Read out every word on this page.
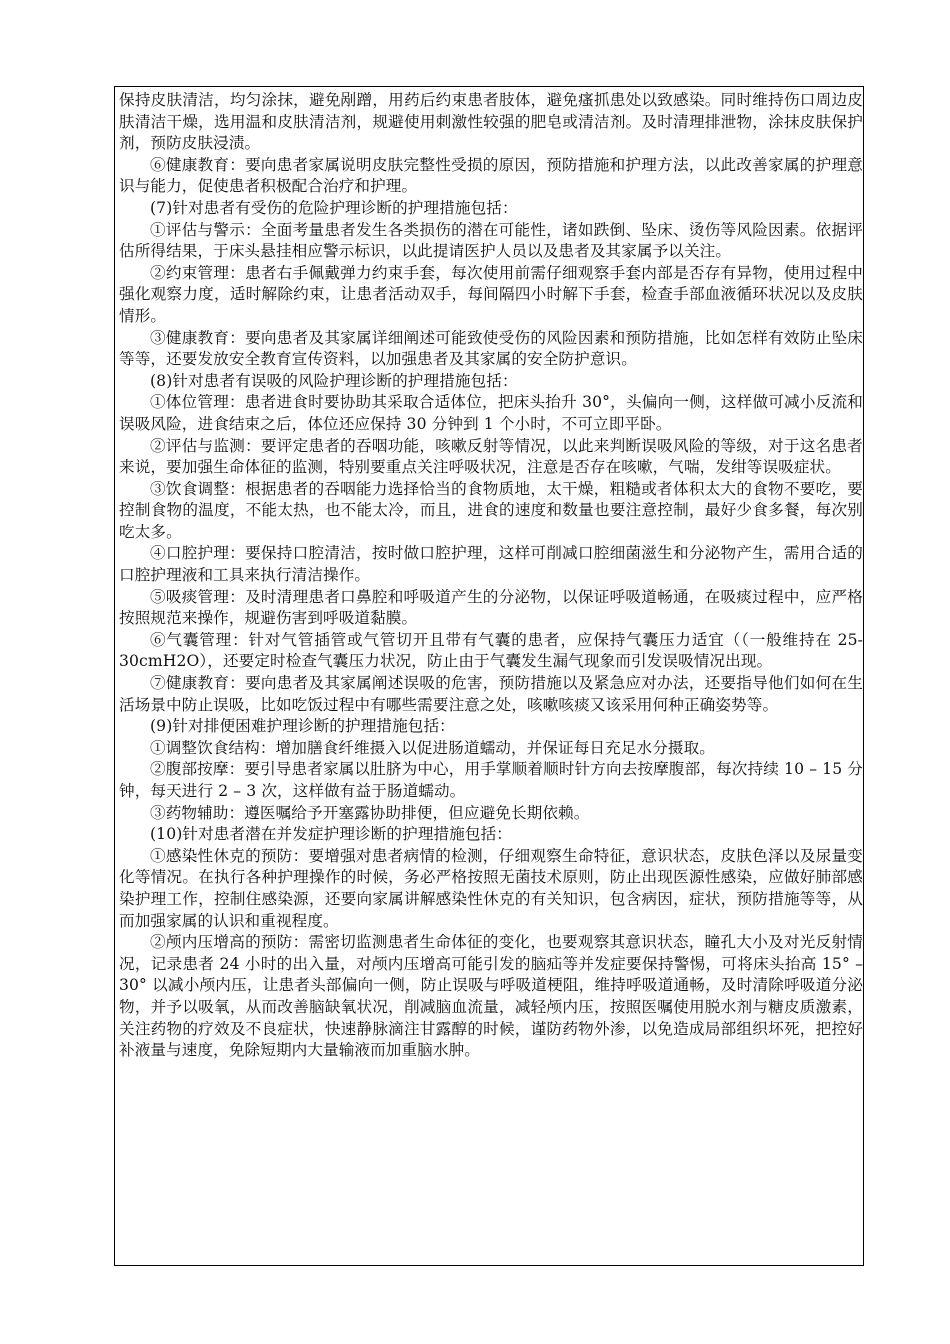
保持皮肤清洁，均匀涂抹，避免剐蹭，用药后约束患者肢体，避免瘙抓患处以致感染。同时维持伤口周边皮肤清洁干燥，选用温和皮肤清洁剂，规避使用刺激性较强的肥皂或清洁剂。及时清理排泄物，涂抹皮肤保护剂，预防皮肤浸渍。

⑥健康教育：要向患者家属说明皮肤完整性受损的原因，预防措施和护理方法，以此改善家属的护理意识与能力，促使患者积极配合治疗和护理。

(7)针对患者有受伤的危险护理诊断的护理措施包括：

①评估与警示：全面考量患者发生各类损伤的潜在可能性，诸如跌倒、坠床、烫伤等风险因素。依据评估所得结果，于床头悬挂相应警示标识，以此提请医护人员以及患者及其家属予以关注。

②约束管理：患者右手佩戴弹力约束手套，每次使用前需仔细观察手套内部是否存有异物，使用过程中强化观察力度，适时解除约束，让患者活动双手，每间隔四小时解下手套，检查手部血液循环状况以及皮肤情形。

③健康教育：要向患者及其家属详细阐述可能致使受伤的风险因素和预防措施，比如怎样有效防止坠床等等，还要发放安全教育宣传资料，以加强患者及其家属的安全防护意识。

(8)针对患者有误吸的风险护理诊断的护理措施包括：

①体位管理：患者进食时要协助其采取合适体位，把床头抬升 30°，头偏向一侧，这样做可减小反流和误吸风险，进食结束之后，体位还应保持 30 分钟到 1 个小时，不可立即平卧。

②评估与监测：要评定患者的吞咽功能，咳嗽反射等情况，以此来判断误吸风险的等级，对于这名患者来说，要加强生命体征的监测，特别要重点关注呼吸状况，注意是否存在咳嗽，气喘，发绀等误吸症状。

③饮食调整：根据患者的吞咽能力选择恰当的食物质地，太干燥，粗糙或者体积太大的食物不要吃，要控制食物的温度，不能太热，也不能太冷，而且，进食的速度和数量也要注意控制，最好少食多餐，每次别吃太多。

④口腔护理：要保持口腔清洁，按时做口腔护理，这样可削减口腔细菌滋生和分泌物产生，需用合适的口腔护理液和工具来执行清洁操作。

⑤吸痰管理：及时清理患者口鼻腔和呼吸道产生的分泌物，以保证呼吸道畅通，在吸痰过程中，应严格按照规范来操作，规避伤害到呼吸道黏膜。

⑥气囊管理：针对气管插管或气管切开且带有气囊的患者，应保持气囊压力适宜（（一般维持在 25-30cmH2O），还要定时检查气囊压力状况，防止由于气囊发生漏气现象而引发误吸情况出现。

⑦健康教育：要向患者及其家属阐述误吸的危害，预防措施以及紧急应对办法，还要指导他们如何在生活场景中防止误吸，比如吃饭过程中有哪些需要注意之处，咳嗽咳痰又该采用何种正确姿势等。

(9)针对排便困难护理诊断的护理措施包括：

①调整饮食结构：增加膳食纤维摄入以促进肠道蠕动，并保证每日充足水分摄取。

②腹部按摩：要引导患者家属以肚脐为中心，用手掌顺着顺时针方向去按摩腹部，每次持续 10 – 15 分钟，每天进行 2 – 3 次，这样做有益于肠道蠕动。

③药物辅助：遵医嘱给予开塞露协助排便，但应避免长期依赖。

(10)针对患者潜在并发症护理诊断的护理措施包括：

①感染性休克的预防：要增强对患者病情的检测，仔细观察生命特征，意识状态，皮肤色泽以及尿量变化等情况。在执行各种护理操作的时候，务必严格按照无菌技术原则，防止出现医源性感染，应做好肺部感染护理工作，控制住感染源，还要向家属讲解感染性休克的有关知识，包含病因，症状，预防措施等等，从而加强家属的认识和重视程度。

②颅内压增高的预防：需密切监测患者生命体征的变化，也要观察其意识状态，瞳孔大小及对光反射情况，记录患者 24 小时的出入量，对颅内压增高可能引发的脑疝等并发症要保持警惕，可将床头抬高 15° – 30° 以减小颅内压，让患者头部偏向一侧，防止误吸与呼吸道梗阻，维持呼吸道通畅，及时清除呼吸道分泌物，并予以吸氧，从而改善脑缺氧状况，削减脑血流量，减轻颅内压，按照医嘱使用脱水剂与糖皮质激素，关注药物的疗效及不良症状，快速静脉滴注甘露醇的时候，谨防药物外渗，以免造成局部组织坏死，把控好补液量与速度，免除短期内大量输液而加重脑水肿。
